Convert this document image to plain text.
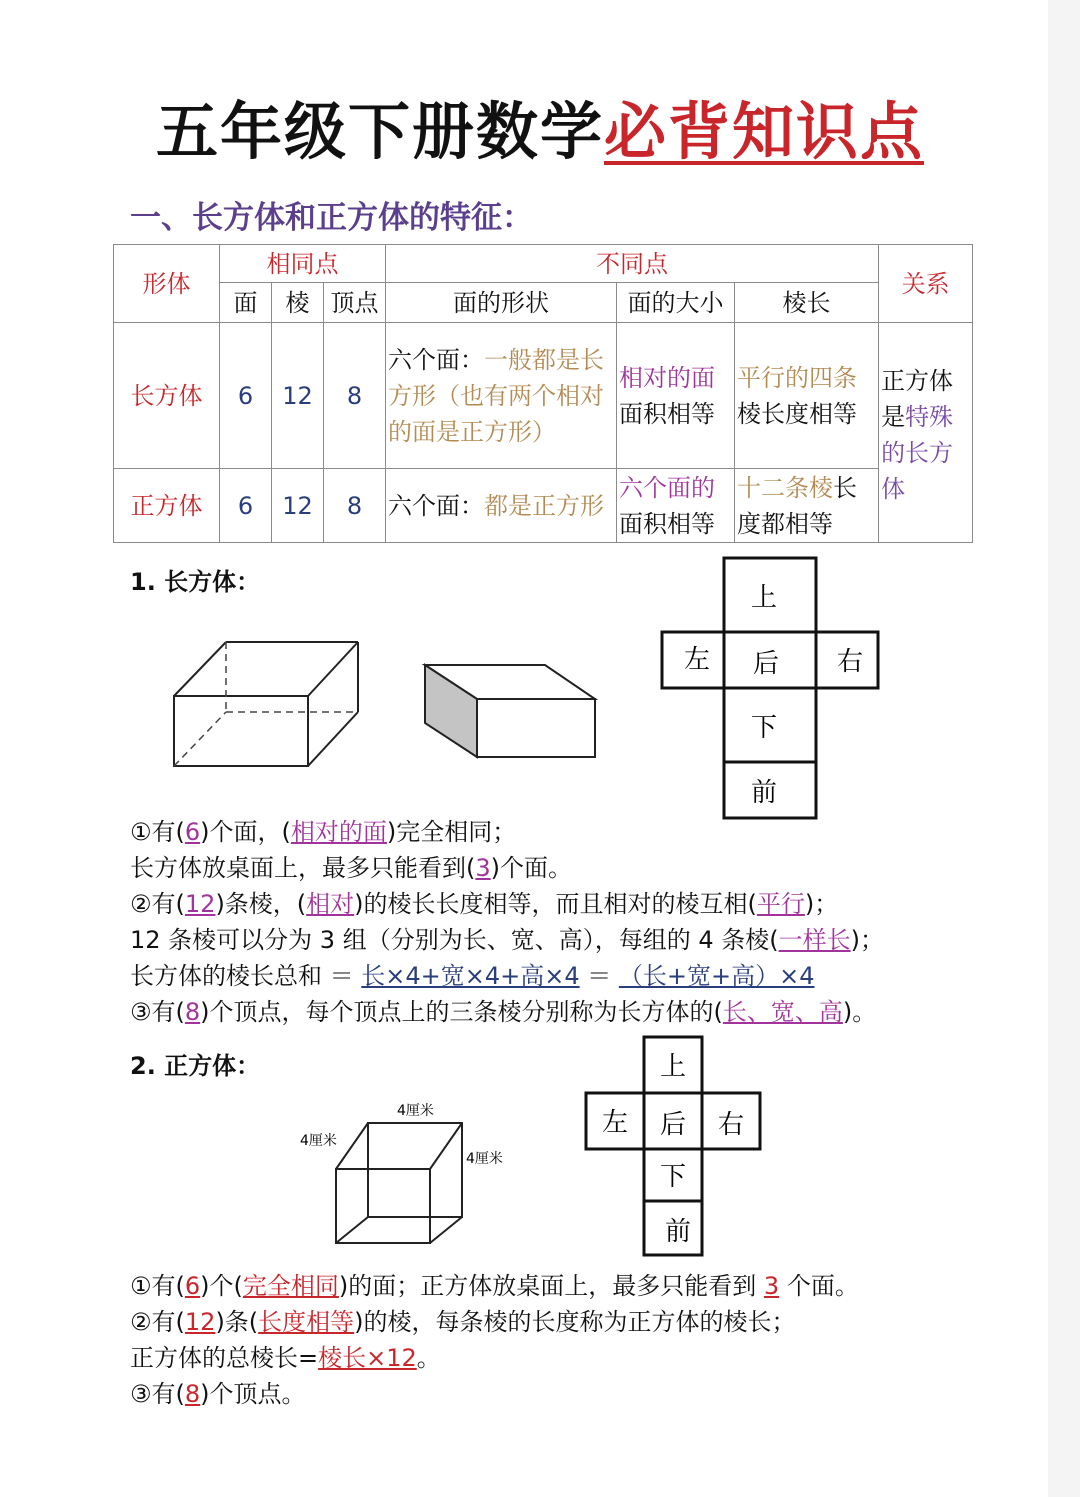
五年级下册数学必背知识点
一、长方体和正方体的特征：
形体	相同点			不同点			关系
	面	棱	顶点	面的形状	面的大小	棱长	
长方体	6	12	8	六个面：一般都是长方形（也有两个相对的面是正方形）	相对的面面积相等	平行的四条棱长度相等	正方体是特殊的长方体
正方体	6	12	8	六个面：都是正方形	六个面的面积相等	十二条棱长度都相等	
1. 长方体：
上
左 后 右
下
前
①有(6)个面，(相对的面)完全相同；
长方体放桌面上，最多只能看到(3)个面。
②有(12)条棱，(相对)的棱长长度相等，而且相对的棱互相(平行)；
12 条棱可以分为 3 组（分别为长、宽、高），每组的 4 条棱(一样长)；
长方体的棱长总和 ＝ 长×4+宽×4+高×4 ＝ （长+宽+高）×4
③有(8)个顶点，每个顶点上的三条棱分别称为长方体的(长、宽、高)。
2. 正方体：
4厘米
4厘米
4厘米
上
左 后 右
下
前
①有(6)个(完全相同)的面；正方体放桌面上，最多只能看到 3 个面。
②有(12)条(长度相等)的棱，每条棱的长度称为正方体的棱长；
正方体的总棱长=棱长×12。
③有(8)个顶点。
